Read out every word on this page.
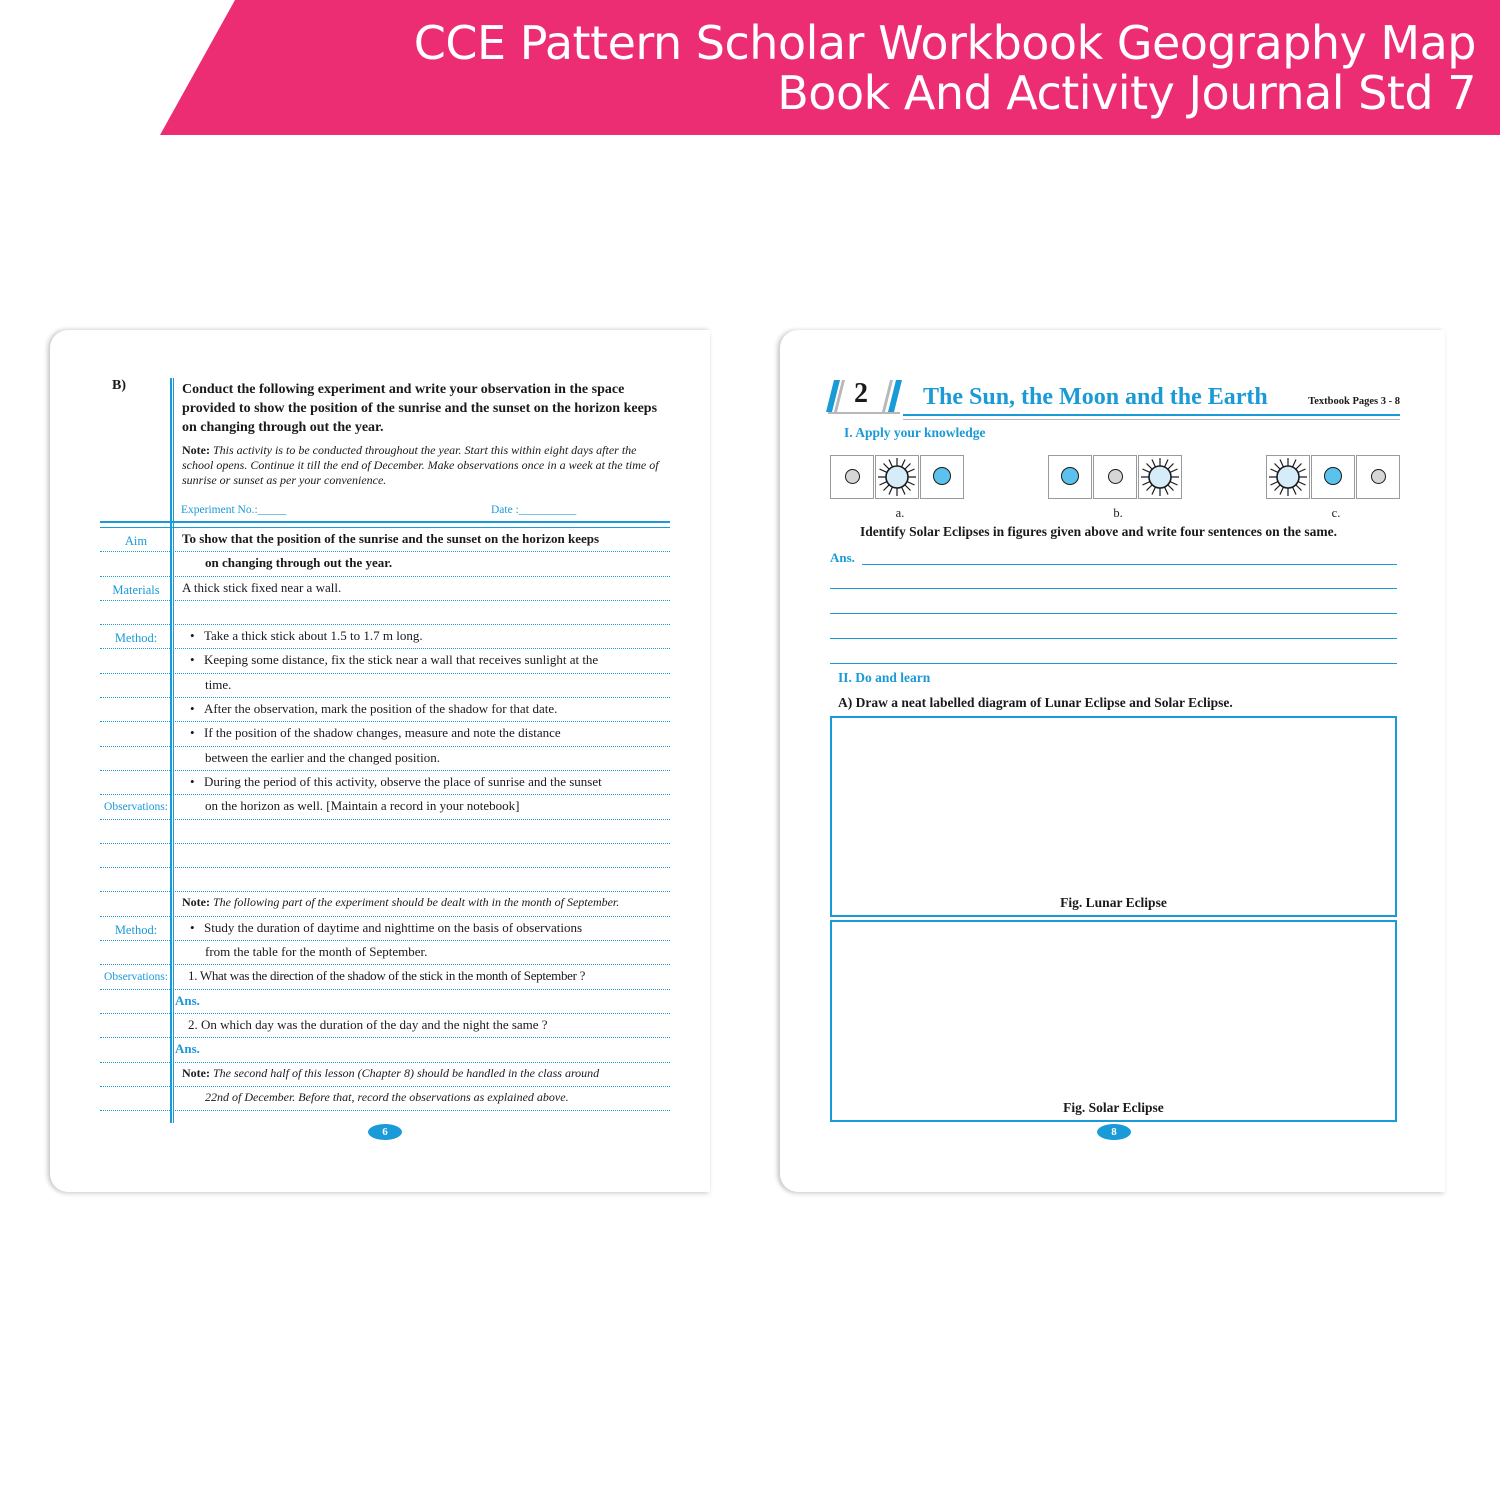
CCE Pattern Scholar Workbook Geography Map
Book And Activity Journal Std 7
B)	Conduct the following experiment and write your observation in the space provided to show the position of the sunrise and the sunset on the horizon keeps on changing through out the year.

Note: This activity is to be conducted throughout the year. Start this within eight days after the school opens. Continue it till the end of December. Make observations once in a week at the time of sunrise or sunset as per your convenience.

Experiment No.:_____	Date :__________
Aim	To show that the position of the sunrise and the sunset on the horizon keeps
on changing through out the year.
Materials	A thick stick fixed near a wall.
Method:	• Take a thick stick about 1.5 to 1.7 m long.
• Keeping some distance, fix the stick near a wall that receives sunlight at the
time.
• After the observation, mark the position of the shadow for that date.
• If the position of the shadow changes, measure and note the distance
between the earlier and the changed position.
• During the period of this activity, observe the place of sunrise and the sunset
Observations:	on the horizon as well. [Maintain a record in your notebook]
Note: The following part of the experiment should be dealt with in the month of September.
Method:	• Study the duration of daytime and nighttime on the basis of observations
from the table for the month of September.
Observations:	1. What was the direction of the shadow of the stick in the month of September ?
Ans.
2. On which day was the duration of the day and the night the same ?
Ans.
Note: The second half of this lesson (Chapter 8) should be handled in the class around
22nd of December. Before that, record the observations as explained above.
6
2 The Sun, the Moon and the Earth	Textbook Pages 3 - 8
I. Apply your knowledge
a.	b.	c.
Identify Solar Eclipses in figures given above and write four sentences on the same.
Ans.
II. Do and learn
A) Draw a neat labelled diagram of Lunar Eclipse and Solar Eclipse.
Fig. Lunar Eclipse
Fig. Solar Eclipse
8
